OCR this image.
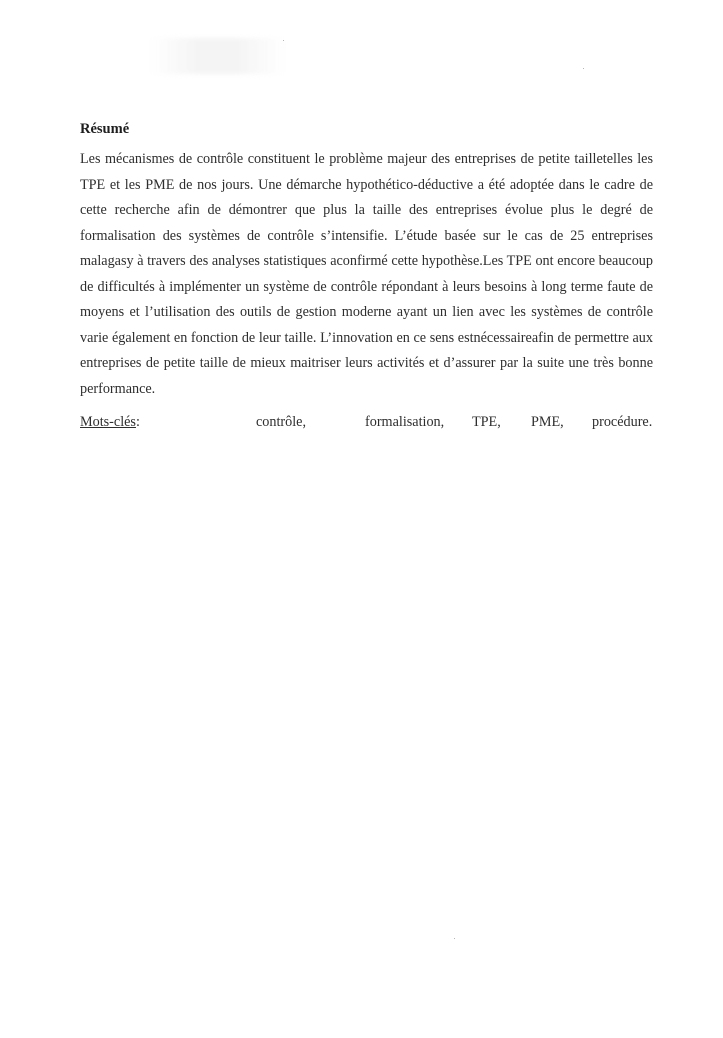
Résumé

Les mécanismes de contrôle constituent le problème majeur des entreprises de petite tailletelles les TPE et les PME de nos jours. Une démarche hypothético-déductive a été adoptée dans le cadre de cette recherche afin de démontrer que plus la taille des entreprises évolue plus le degré de formalisation des systèmes de contrôle s’intensifie. L’étude basée sur le cas de 25 entreprises malagasy à travers des analyses statistiques aconfirmé cette hypothèse.Les TPE ont encore beaucoup de difficultés à implémenter un système de contrôle répondant à leurs besoins à long terme faute de moyens et l’utilisation des outils de gestion moderne ayant un lien avec les systèmes de contrôle varie également en fonction de leur taille. L’innovation en ce sens estnécessaireafin de permettre aux entreprises de petite taille de mieux maitriser leurs activités et d’assurer par la suite une très bonne performance.

Mots-clés:	contrôle,	formalisation, TPE, PME, procédure.
